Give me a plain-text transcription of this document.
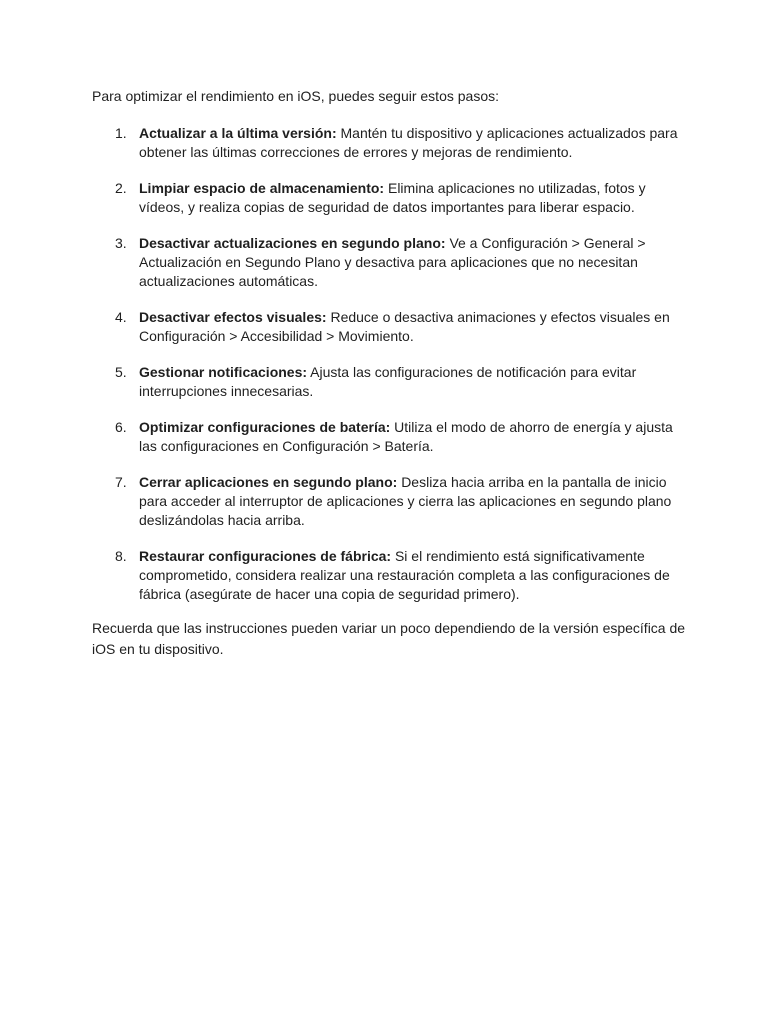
Para optimizar el rendimiento en iOS, puedes seguir estos pasos:

1. Actualizar a la última versión: Mantén tu dispositivo y aplicaciones actualizados para obtener las últimas correcciones de errores y mejoras de rendimiento.
2. Limpiar espacio de almacenamiento: Elimina aplicaciones no utilizadas, fotos y vídeos, y realiza copias de seguridad de datos importantes para liberar espacio.
3. Desactivar actualizaciones en segundo plano: Ve a Configuración > General > Actualización en Segundo Plano y desactiva para aplicaciones que no necesitan actualizaciones automáticas.
4. Desactivar efectos visuales: Reduce o desactiva animaciones y efectos visuales en Configuración > Accesibilidad > Movimiento.
5. Gestionar notificaciones: Ajusta las configuraciones de notificación para evitar interrupciones innecesarias.
6. Optimizar configuraciones de batería: Utiliza el modo de ahorro de energía y ajusta las configuraciones en Configuración > Batería.
7. Cerrar aplicaciones en segundo plano: Desliza hacia arriba en la pantalla de inicio para acceder al interruptor de aplicaciones y cierra las aplicaciones en segundo plano deslizándolas hacia arriba.
8. Restaurar configuraciones de fábrica: Si el rendimiento está significativamente comprometido, considera realizar una restauración completa a las configuraciones de fábrica (asegúrate de hacer una copia de seguridad primero).

Recuerda que las instrucciones pueden variar un poco dependiendo de la versión específica de iOS en tu dispositivo.
